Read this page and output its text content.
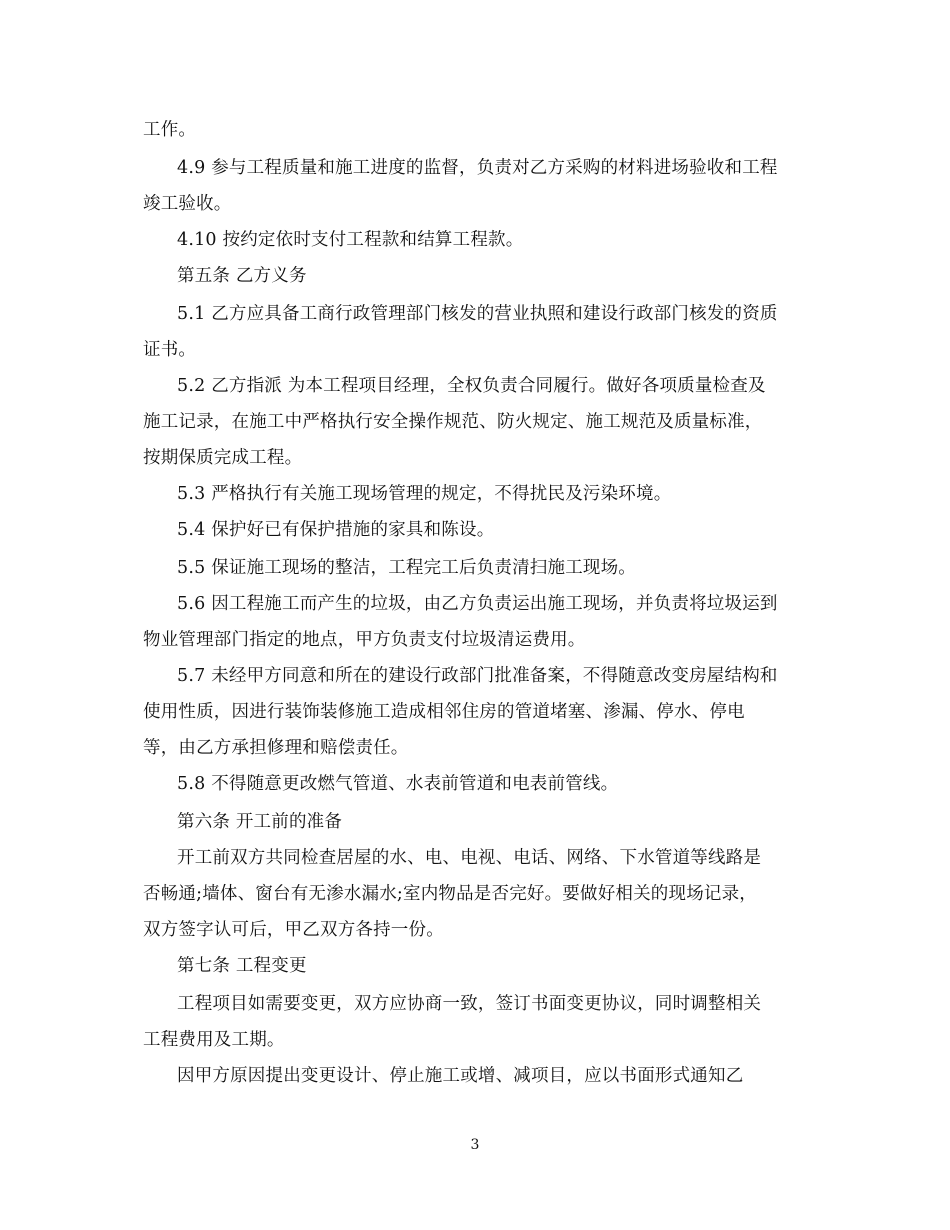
工作。
4.9 参与工程质量和施工进度的监督，负责对乙方采购的材料进场验收和工程
竣工验收。
4.10 按约定依时支付工程款和结算工程款。
第五条 乙方义务
5.1 乙方应具备工商行政管理部门核发的营业执照和建设行政部门核发的资质
证书。
5.2 乙方指派 为本工程项目经理，全权负责合同履行。做好各项质量检查及
施工记录，在施工中严格执行安全操作规范、防火规定、施工规范及质量标准，
按期保质完成工程。
5.3 严格执行有关施工现场管理的规定，不得扰民及污染环境。
5.4 保护好已有保护措施的家具和陈设。
5.5 保证施工现场的整洁，工程完工后负责清扫施工现场。
5.6 因工程施工而产生的垃圾，由乙方负责运出施工现场，并负责将垃圾运到
物业管理部门指定的地点，甲方负责支付垃圾清运费用。
5.7 未经甲方同意和所在的建设行政部门批准备案，不得随意改变房屋结构和
使用性质，因进行装饰装修施工造成相邻住房的管道堵塞、渗漏、停水、停电
等，由乙方承担修理和赔偿责任。
5.8 不得随意更改燃气管道、水表前管道和电表前管线。
第六条 开工前的准备
开工前双方共同检查居屋的水、电、电视、电话、网络、下水管道等线路是
否畅通;墙体、窗台有无渗水漏水;室内物品是否完好。要做好相关的现场记录，
双方签字认可后，甲乙双方各持一份。
第七条 工程变更
工程项目如需要变更，双方应协商一致，签订书面变更协议，同时调整相关
工程费用及工期。
因甲方原因提出变更设计、停止施工或增、减项目，应以书面形式通知乙
3
